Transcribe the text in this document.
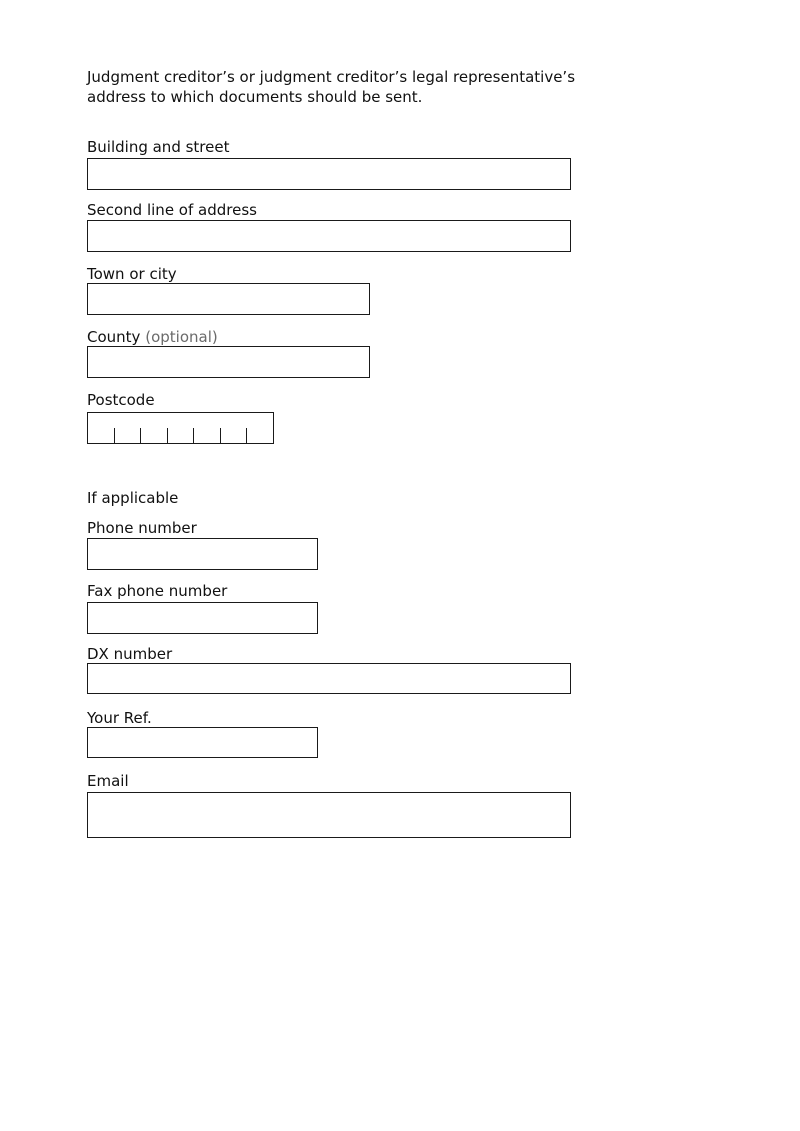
Judgment creditor’s or judgment creditor’s legal representative’s
address to which documents should be sent.

Building and street
Second line of address
Town or city
County (optional)
Postcode
If applicable
Phone number
Fax phone number
DX number
Your Ref.
Email
